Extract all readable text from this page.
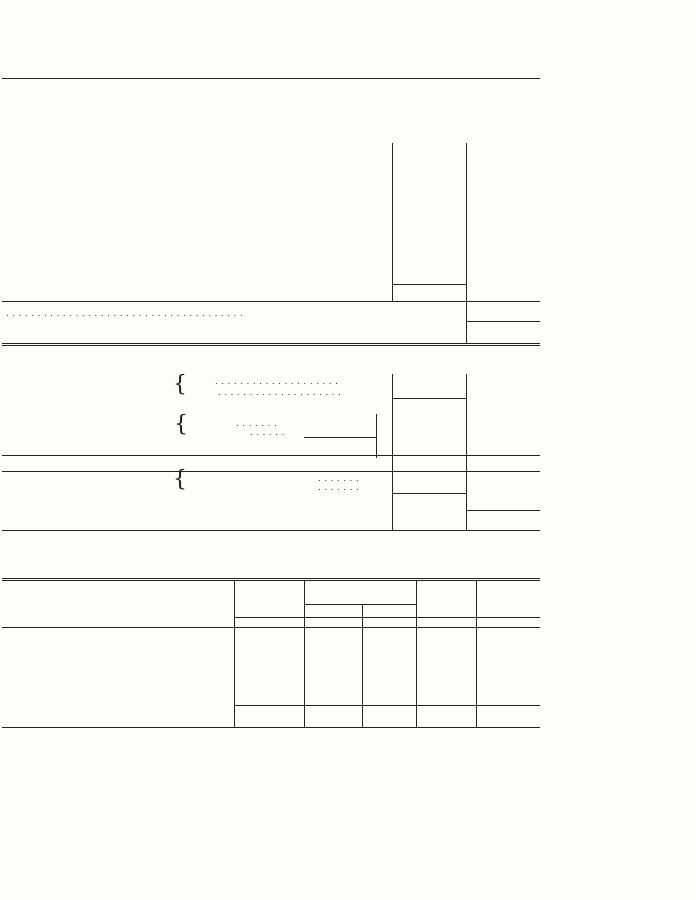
. . . . . . . . . . . . . . . . . . . . . . . . . . . . . . . . . . . . . .
{	. . . . . . . . . . . . . . . . . . . .
. . . . . . . . . . . . . . . . . . . .
{	. . . . . . .
. . . . . .
{	. . . . . . .
. . . . . . .
